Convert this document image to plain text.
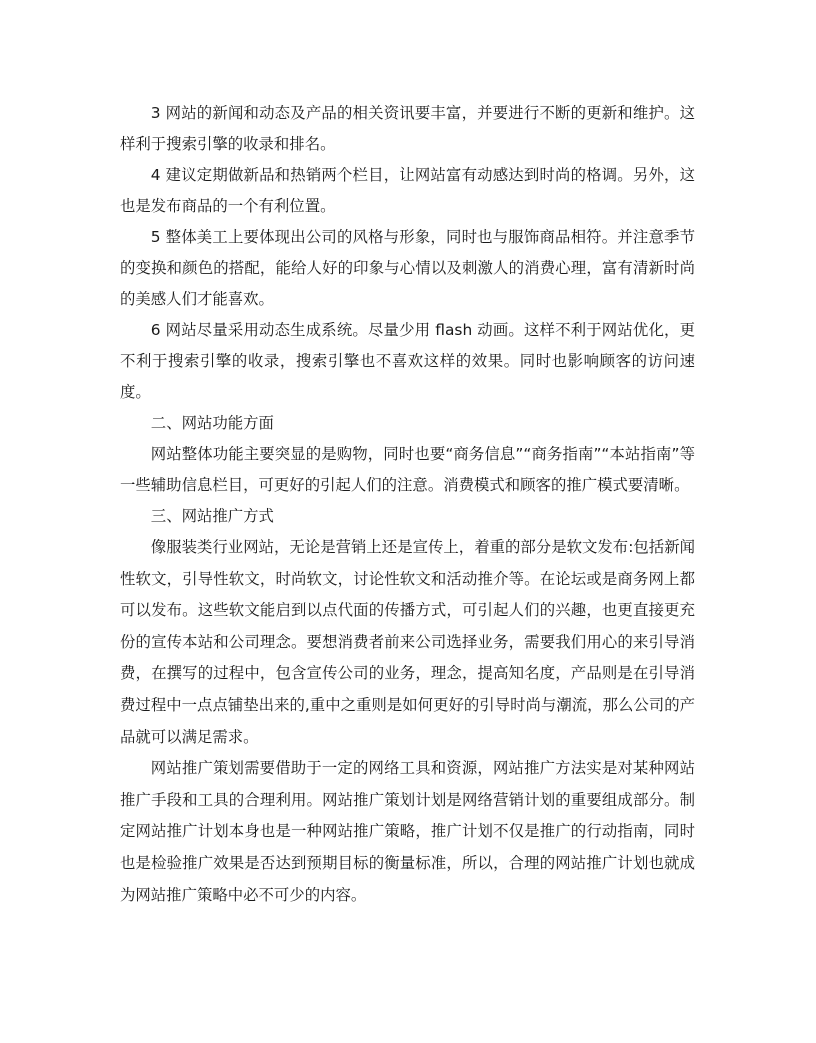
3 网站的新闻和动态及产品的相关资讯要丰富，并要进行不断的更新和维护。这样利于搜索引擎的收录和排名。

4 建议定期做新品和热销两个栏目，让网站富有动感达到时尚的格调。另外，这也是发布商品的一个有利位置。

5 整体美工上要体现出公司的风格与形象，同时也与服饰商品相符。并注意季节的变换和颜色的搭配，能给人好的印象与心情以及刺激人的消费心理，富有清新时尚的美感人们才能喜欢。

6 网站尽量采用动态生成系统。尽量少用 flash 动画。这样不利于网站优化，更不利于搜索引擎的收录，搜索引擎也不喜欢这样的效果。同时也影响顾客的访问速度。

二、网站功能方面

网站整体功能主要突显的是购物，同时也要“商务信息”“商务指南”“本站指南”等一些辅助信息栏目，可更好的引起人们的注意。消费模式和顾客的推广模式要清晰。

三、网站推广方式

像服装类行业网站，无论是营销上还是宣传上，着重的部分是软文发布:包括新闻性软文，引导性软文，时尚软文，讨论性软文和活动推介等。在论坛或是商务网上都可以发布。这些软文能启到以点代面的传播方式，可引起人们的兴趣，也更直接更充份的宣传本站和公司理念。要想消费者前来公司选择业务，需要我们用心的来引导消费，在撰写的过程中，包含宣传公司的业务，理念，提高知名度，产品则是在引导消费过程中一点点铺垫出来的,重中之重则是如何更好的引导时尚与潮流，那么公司的产品就可以满足需求。

网站推广策划需要借助于一定的网络工具和资源，网站推广方法实是对某种网站推广手段和工具的合理利用。网站推广策划计划是网络营销计划的重要组成部分。制定网站推广计划本身也是一种网站推广策略，推广计划不仅是推广的行动指南，同时也是检验推广效果是否达到预期目标的衡量标准，所以，合理的网站推广计划也就成为网站推广策略中必不可少的内容。
